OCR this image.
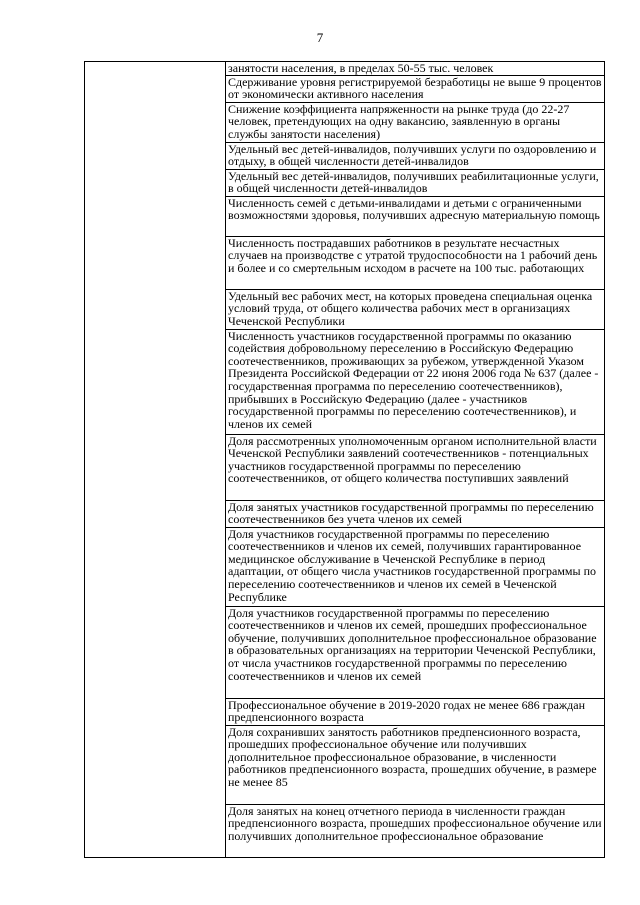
7

занятости населения, в пределах 50-55 тыс. человек

Сдерживание уровня регистрируемой безработицы не выше 9 процентов от экономически активного населения

Снижение коэффициента напряженности на рынке труда (до 22-27 человек, претендующих на одну вакансию, заявленную в органы службы занятости населения)

Удельный вес детей-инвалидов, получивших услуги по оздоровлению и отдыху, в общей численности детей-инвалидов

Удельный вес детей-инвалидов, получивших реабилитационные услуги, в общей численности детей-инвалидов

Численность семей с детьми-инвалидами и детьми с ограниченными возможностями здоровья, получивших адресную материальную помощь

Численность пострадавших работников в результате несчастных случаев на производстве с утратой трудоспособности на 1 рабочий день и более и со смертельным исходом в расчете на 100 тыс. работающих

Удельный вес рабочих мест, на которых проведена специальная оценка условий труда, от общего количества рабочих мест в организациях Чеченской Республики

Численность участников государственной программы по оказанию содействия добровольному переселению в Российскую Федерацию соотечественников, проживающих за рубежом, утвержденной Указом Президента Российской Федерации от 22 июня 2006 года № 637 (далее - государственная программа по переселению соотечественников), прибывших в Российскую Федерацию (далее - участников государственной программы по переселению соотечественников), и членов их семей

Доля рассмотренных уполномоченным органом исполнительной власти Чеченской Республики заявлений соотечественников - потенциальных участников государственной программы по переселению соотечественников, от общего количества поступивших заявлений

Доля занятых участников государственной программы по переселению соотечественников без учета членов их семей

Доля участников государственной программы по переселению соотечественников и членов их семей, получивших гарантированное медицинское обслуживание в Чеченской Республике в период адаптации, от общего числа участников государственной программы по переселению соотечественников и членов их семей в Чеченской Республике

Доля участников государственной программы по переселению соотечественников и членов их семей, прошедших профессиональное обучение, получивших дополнительное профессиональное образование в образовательных организациях на территории Чеченской Республики, от числа участников государственной программы по переселению соотечественников и членов их семей

Профессиональное обучение в 2019-2020 годах не менее 686 граждан предпенсионного возраста

Доля сохранивших занятость работников предпенсионного возраста, прошедших профессиональное обучение или получивших дополнительное профессиональное образование, в численности работников предпенсионного возраста, прошедших обучение, в размере не менее 85

Доля занятых на конец отчетного периода в численности граждан предпенсионного возраста, прошедших профессиональное обучение или получивших дополнительное профессиональное образование
